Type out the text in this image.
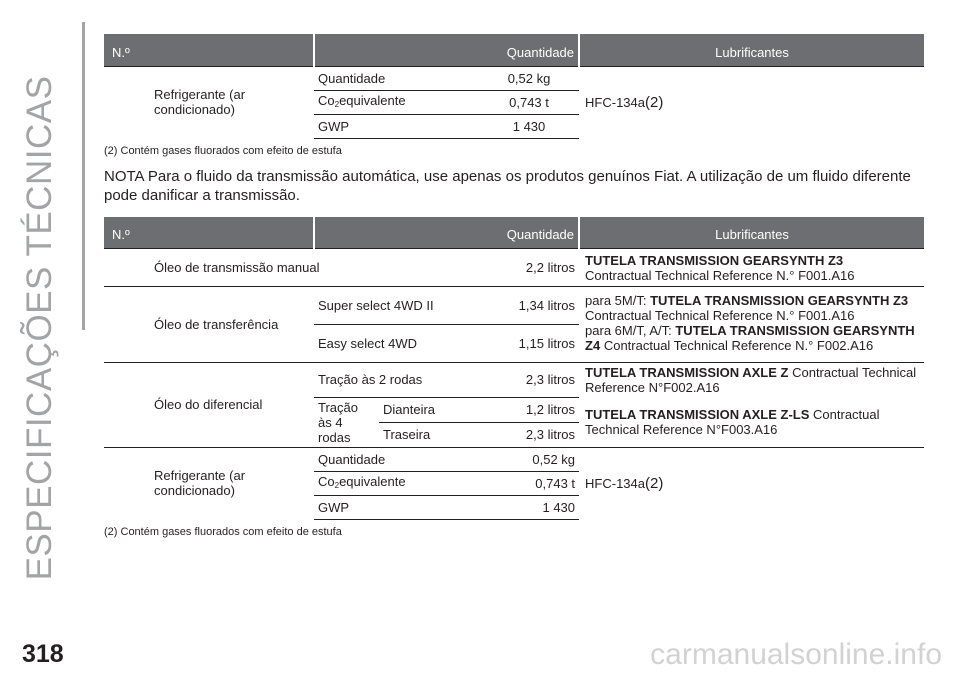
ESPECIFICAÇÕES TÉCNICAS
318	carmanualsonline.info
N.º	Quantidade		Lubrificantes
Refrigerante (ar condicionado)	Quantidade	0,52 kg	HFC-134a(2)
	$Co_2equivalente$	0,743 t	
	GWP	1 430	
(2) Contém gases fluorados com efeito de estufa

NOTA Para o fluido da transmissão automática, use apenas os produtos genuínos Fiat. A utilização de um fluido diferente pode danificar a transmissão.

N.º	Quantidade			Lubrificantes
Óleo de transmissão manual			2,2 litros	TUTELA TRANSMISSION GEARSYNTH Z3
Contractual Technical Reference N.° F001.A16
Óleo de transferência	Super select 4WD II		1,34 litros	para 5M/T: TUTELA TRANSMISSION GEARSYNTH Z3
Contractual Technical Reference N.° F001.A16
para 6M/T, A/T: TUTELA TRANSMISSION GEARSYNTH Z4 Contractual Technical Reference N.° F002.A16
	Easy select 4WD		1,15 litros	
Óleo do diferencial	Tração às 2 rodas		2,3 litros	TUTELA TRANSMISSION AXLE Z Contractual Technical Reference N°F002.A16
	Tração às 4 rodas	Dianteira	1,2 litros	TUTELA TRANSMISSION AXLE Z-LS Contractual Technical Reference N°F003.A16
		Traseira	2,3 litros	
Refrigerante (ar condicionado)	Quantidade		0,52 kg	HFC-134a(2)
	$Co_2equivalente$		0,743 t	
	GWP		1 430	
(2) Contém gases fluorados com efeito de estufa
